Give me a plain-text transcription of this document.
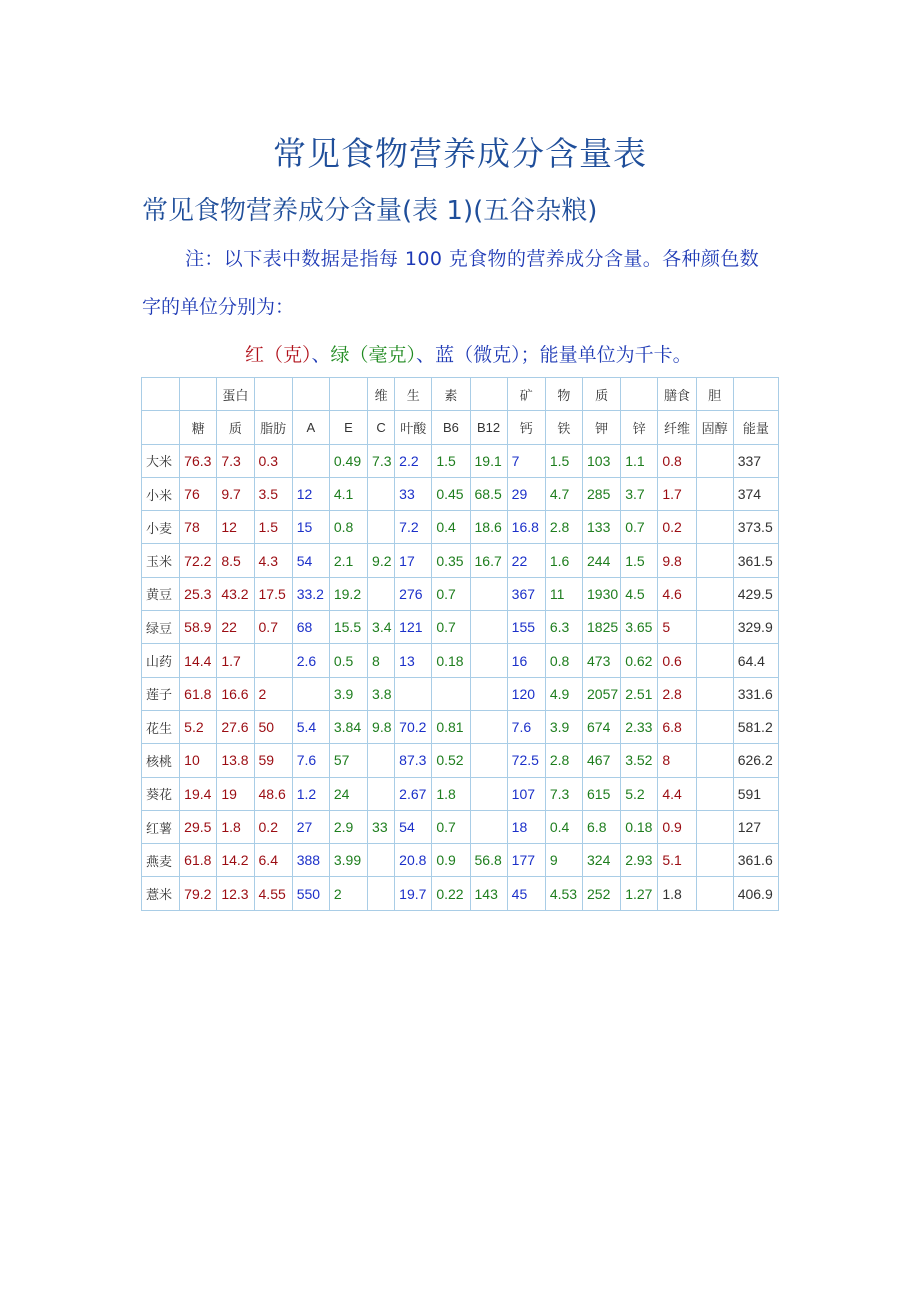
常见食物营养成分含量表
常见食物营养成分含量(表 1)(五谷杂粮)
注：以下表中数据是指每 100 克食物的营养成分含量。各种颜色数
字的单位分别为：
红（克）、绿（毫克）、蓝（微克）；能量单位为千卡。
		蛋白				维	生	素		矿	物	质		膳食	胆	
	糖	质	脂肪	A	E	C	叶酸	B6	B12	钙	铁	钾	锌	纤维	固醇	能量
大米	76.3	7.3	0.3		0.49	7.3	2.2	1.5	19.1	7	1.5	103	1.1	0.8		337
小米	76	9.7	3.5	12	4.1		33	0.45	68.5	29	4.7	285	3.7	1.7		374
小麦	78	12	1.5	15	0.8		7.2	0.4	18.6	16.8	2.8	133	0.7	0.2		373.5
玉米	72.2	8.5	4.3	54	2.1	9.2	17	0.35	16.7	22	1.6	244	1.5	9.8		361.5
黄豆	25.3	43.2	17.5	33.2	19.2		276	0.7		367	11	1930	4.5	4.6		429.5
绿豆	58.9	22	0.7	68	15.5	3.4	121	0.7		155	6.3	1825	3.65	5		329.9
山药	14.4	1.7		2.6	0.5	8	13	0.18		16	0.8	473	0.62	0.6		64.4
莲子	61.8	16.6	2		3.9	3.8				120	4.9	2057	2.51	2.8		331.6
花生	5.2	27.6	50	5.4	3.84	9.8	70.2	0.81		7.6	3.9	674	2.33	6.8		581.2
核桃	10	13.8	59	7.6	57		87.3	0.52		72.5	2.8	467	3.52	8		626.2
葵花	19.4	19	48.6	1.2	24		2.67	1.8		107	7.3	615	5.2	4.4		591
红薯	29.5	1.8	0.2	27	2.9	33	54	0.7		18	0.4	6.8	0.18	0.9		127
燕麦	61.8	14.2	6.4	388	3.99		20.8	0.9	56.8	177	9	324	2.93	5.1		361.6
薏米	79.2	12.3	4.55	550	2		19.7	0.22	143	45	4.53	252	1.27	1.8		406.9
